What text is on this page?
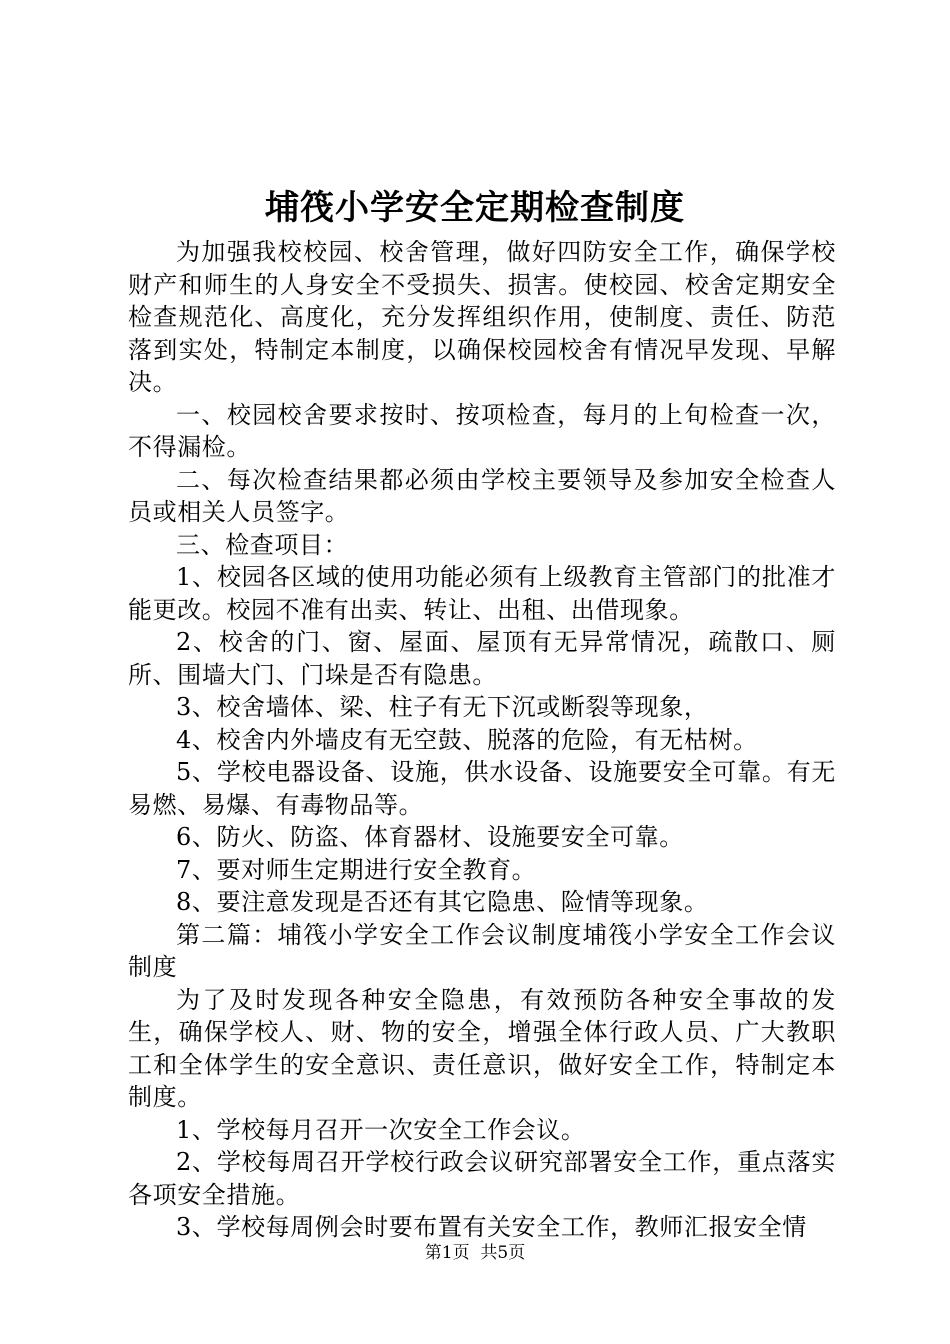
埔筏小学安全定期检查制度

为加强我校校园、校舍管理，做好四防安全工作，确保学校财产和师生的人身安全不受损失、损害。使校园、校舍定期安全检查规范化、高度化，充分发挥组织作用，使制度、责任、防范落到实处，特制定本制度，以确保校园校舍有情况早发现、早解决。

一、校园校舍要求按时、按项检查，每月的上旬检查一次，不得漏检。

二、每次检查结果都必须由学校主要领导及参加安全检查人员或相关人员签字。

三、检查项目：

1、校园各区域的使用功能必须有上级教育主管部门的批准才能更改。校园不准有出卖、转让、出租、出借现象。

2、校舍的门、窗、屋面、屋顶有无异常情况，疏散口、厕所、围墙大门、门垛是否有隐患。

3、校舍墙体、梁、柱子有无下沉或断裂等现象，

4、校舍内外墙皮有无空鼓、脱落的危险，有无枯树。

5、学校电器设备、设施，供水设备、设施要安全可靠。有无易燃、易爆、有毒物品等。

6、防火、防盗、体育器材、设施要安全可靠。

7、要对师生定期进行安全教育。

8、要注意发现是否还有其它隐患、险情等现象。

第二篇：埔筏小学安全工作会议制度埔筏小学安全工作会议制度

为了及时发现各种安全隐患，有效预防各种安全事故的发生，确保学校人、财、物的安全，增强全体行政人员、广大教职工和全体学生的安全意识、责任意识，做好安全工作，特制定本制度。

1、学校每月召开一次安全工作会议。

2、学校每周召开学校行政会议研究部署安全工作，重点落实各项安全措施。

3、学校每周例会时要布置有关安全工作，教师汇报安全情

第1页 共5页
